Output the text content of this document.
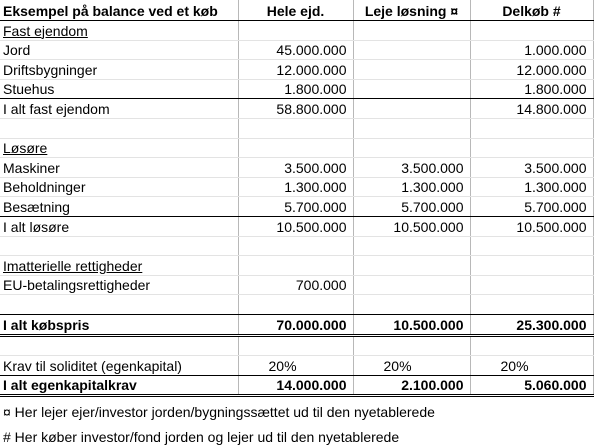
Eksempel på balance ved et køb	Hele ejd.	Leje løsning ¤	Delkøb #
Fast ejendom			
Jord	45.000.000		1.000.000
Driftsbygninger	12.000.000		12.000.000
Stuehus	1.800.000		1.800.000
I alt fast ejendom	58.800.000		14.800.000

Løsøre			
Maskiner	3.500.000	3.500.000	3.500.000
Beholdninger	1.300.000	1.300.000	1.300.000
Besætning	5.700.000	5.700.000	5.700.000
I alt løsøre	10.500.000	10.500.000	10.500.000

Imatterielle rettigheder			
EU-betalingsrettigheder	700.000		

I alt købspris	70.000.000	10.500.000	25.300.000

Krav til soliditet (egenkapital)	20%	20%	20%
I alt egenkapitalkrav	14.000.000	2.100.000	5.060.000
¤ Her lejer ejer/investor jorden/bygningssættet ud til den nyetablerede
# Her køber investor/fond jorden og lejer ud til den nyetablerede
